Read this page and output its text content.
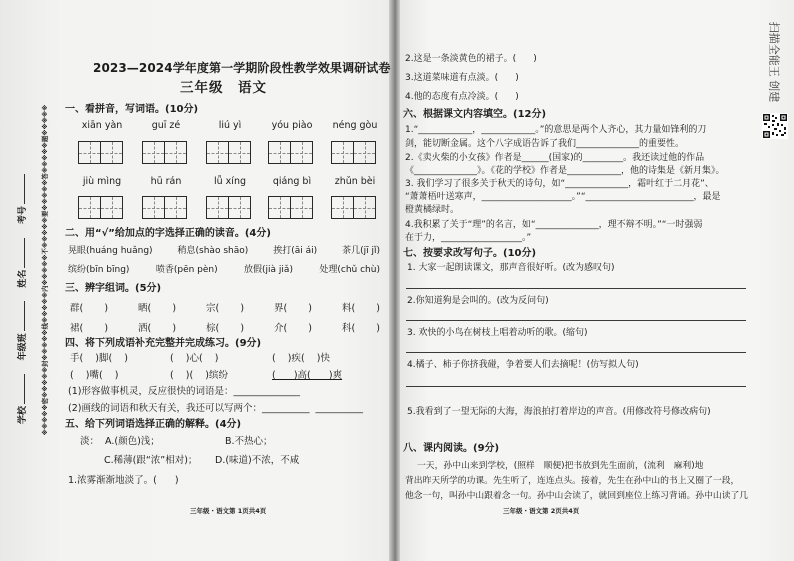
学校
年级班
姓名
考号 ※※※※※密※※※※※封※※※※※线※※※※※内※※※※※不※※※※※要※※※※※答※※※※※题※※※※※
扫描全能王 创建
2023—2024学年度第一学期阶段性教学效果调研试卷
三年级　语文
一、看拼音，写词语。(10分)
xiān yàn	guī zé	liú yì	yóu piào	néng gòu
jiù mìng	hū rán	lǚ xíng	qiáng bì	zhǔn bèi
二、用“√”给加点的字选择正确的读音。(4分)
晃眼(huáng huǎng)	稍息(shào shāo)	挨打(āi ái)	茶几(jī jǐ)
缤纷(bīn bīng)	喷香(pēn pèn)	放假(jià jiǎ)	处理(chǔ chù)
三、辨字组词。(5分)
群(       )	晒(       )	宗(       )	界(       )	料(       )
裙(       )	洒(       )	棕(       )	介(       )	科(       )
四、将下列成语补充完整并完成练习。(9分)
手(    )脚(    )	(    )心(    )	(    )疾(    )快
(    )嘴(    )	(    )(    )缤纷	(      )高(      )爽
(1)形容做事机灵，反应很快的词语是：______________
(2)画线的词语和秋天有关，我还可以写两个：__________  __________
五、给下列词语选择正确的解释。(4分)
淡：  A.(颜色)浅；	B.不热心；
C.稀薄(跟“浓”相对)； D.(味道)不浓，不咸
1.浓雾渐渐地淡了。(      )
三年级・语文第 1页共4页
2.这是一条淡黄色的裙子。(      )
3.这道菜味道有点淡。(      )
4.他的态度有点冷淡。(      )
六、根据课文内容填空。(12分)
1.“____________，____________。”的意思是两个人齐心，其力量如锋利的刀
剑，能切断金属。这个八字成语告诉了我们______________的重要性。
2.《卖火柴的小女孩》作者是______(国家)的_________。我还读过他的作品
《______________》。《花的学校》作者是____________，他的诗集是《新月集》。
3. 我们学习了很多关于秋天的诗句，如“______________，霜叶红于二月花”、
“萧萧梧叶送寒声，____________________。”“________________________，最是
橙黄橘绿时。
4.我积累了关于“理”的名言，如“______________，理不辩不明。”“一时强弱
在于力，__________________。”
七、按要求改写句子。(10分)
1. 大家一起朗读课文，那声音很好听。(改为感叹句)
2.你知道狗是会叫的。(改为反问句)
3. 欢快的小鸟在树枝上唱着动听的歌。(缩句)
4.橘子、柿子你挤我碰，争着要人们去摘呢！(仿写拟人句)
5.我看到了一望无际的大海，海浪拍打着岸边的声音。(用修改符号修改病句)
八、课内阅读。(9分)
一天，孙中山来到学校，(照样　顺便)把书放到先生面前，(流利　麻利)地
背出昨天所学的功课。先生听了，连连点头。接着，先生在孙中山的书上又圈了一段，
他念一句，叫孙中山跟着念一句。孙中山会读了，就回到座位上练习背诵。孙中山读了几
三年级・语文第 2页共4页
